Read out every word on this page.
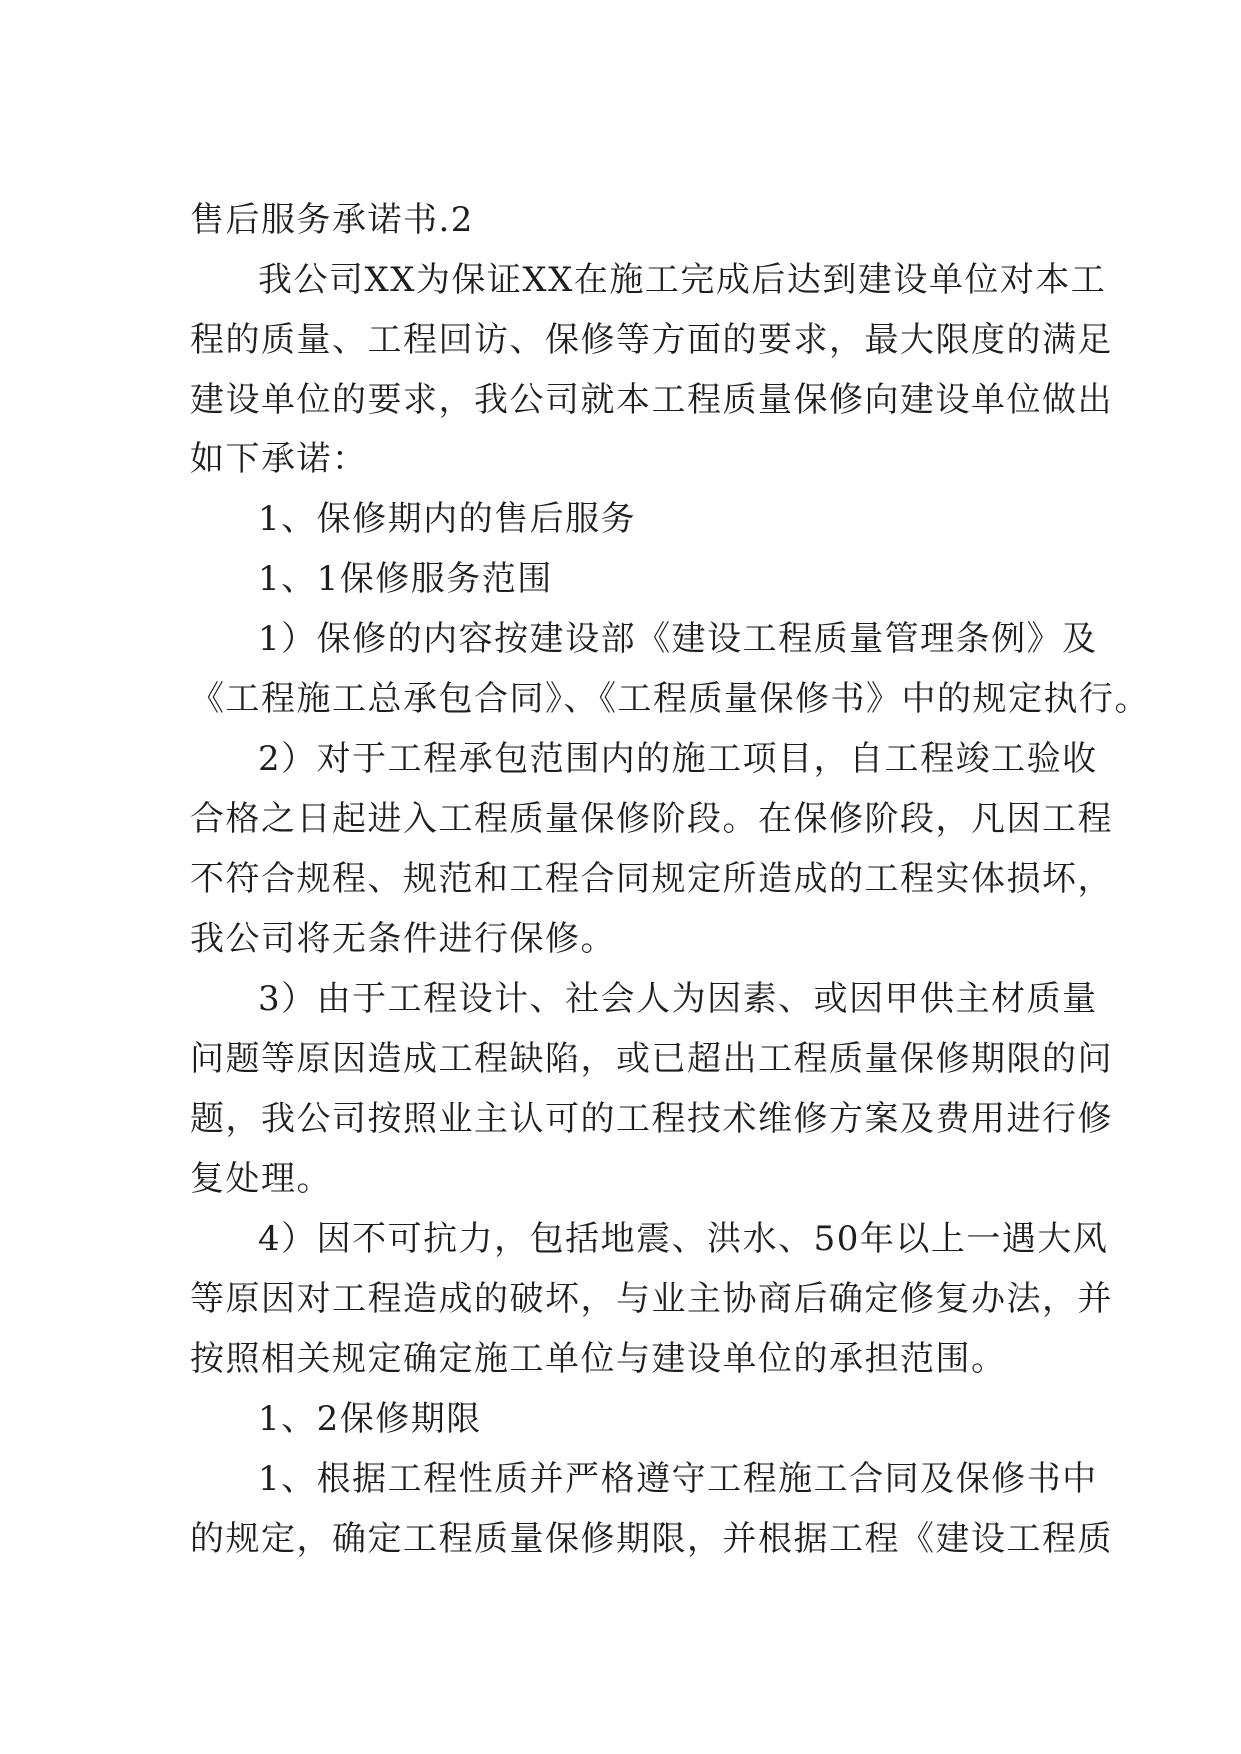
售后服务承诺书.2
我公司XX为保证XX在施工完成后达到建设单位对本工
程的质量、工程回访、保修等方面的要求，最大限度的满足
建设单位的要求，我公司就本工程质量保修向建设单位做出
如下承诺：
1、保修期内的售后服务
1、1保修服务范围
1）保修的内容按建设部《建设工程质量管理条例》及
《工程施工总承包合同》、《工程质量保修书》中的规定执行。
2）对于工程承包范围内的施工项目，自工程竣工验收
合格之日起进入工程质量保修阶段。在保修阶段，凡因工程
不符合规程、规范和工程合同规定所造成的工程实体损坏，
我公司将无条件进行保修。
3）由于工程设计、社会人为因素、或因甲供主材质量
问题等原因造成工程缺陷，或已超出工程质量保修期限的问
题，我公司按照业主认可的工程技术维修方案及费用进行修
复处理。
4）因不可抗力，包括地震、洪水、50年以上一遇大风
等原因对工程造成的破坏，与业主协商后确定修复办法，并
按照相关规定确定施工单位与建设单位的承担范围。
1、2保修期限
1、根据工程性质并严格遵守工程施工合同及保修书中
的规定，确定工程质量保修期限，并根据工程《建设工程质
